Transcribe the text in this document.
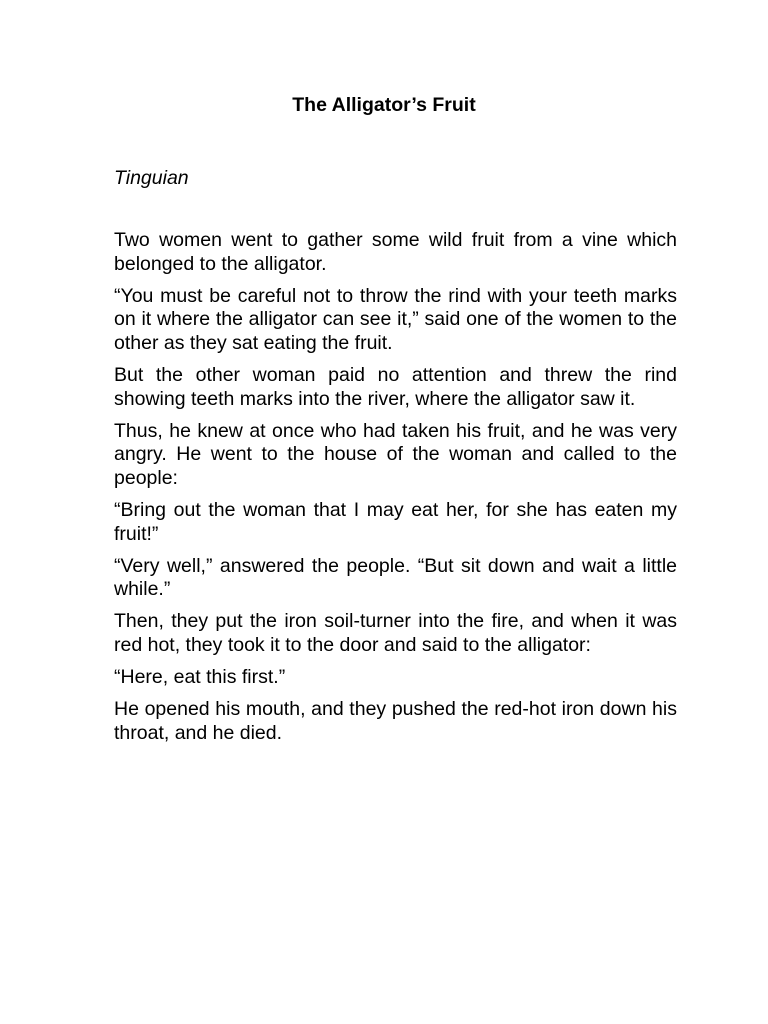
The Alligator’s Fruit
Tinguian

Two women went to gather some wild fruit from a vine which belonged to the alligator.

“You must be careful not to throw the rind with your teeth marks on it where the alligator can see it,” said one of the women to the other as they sat eating the fruit.

But the other woman paid no attention and threw the rind showing teeth marks into the river, where the alligator saw it.

Thus, he knew at once who had taken his fruit, and he was very angry. He went to the house of the woman and called to the people:

“Bring out the woman that I may eat her, for she has eaten my fruit!”

“Very well,” answered the people. “But sit down and wait a little while.”

Then, they put the iron soil-turner into the fire, and when it was red hot, they took it to the door and said to the alligator:

“Here, eat this first.”

He opened his mouth, and they pushed the red-hot iron down his throat, and he died.
